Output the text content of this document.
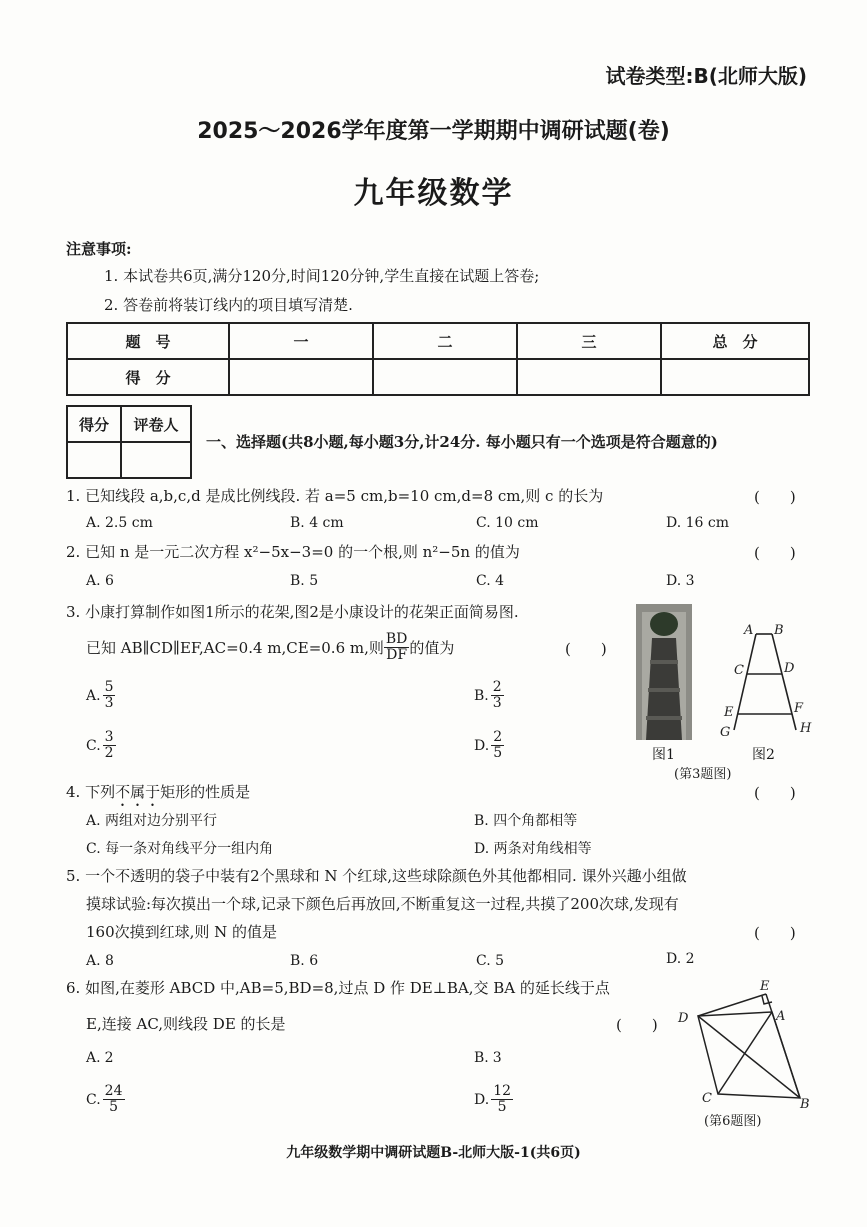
试卷类型:B(北师大版)
2025～2026学年度第一学期期中调研试题(卷)
九年级数学
注意事项:
1. 本试卷共6页,满分120分,时间120分钟,学生直接在试题上答卷;
2. 答卷前将装订线内的项目填写清楚.
题　号	一	二	三	总　分
得　分				
得分	评卷人

一、选择题(共8小题,每小题3分,计24分. 每小题只有一个选项是符合题意的)
1. 已知线段 a,b,c,d 是成比例线段. 若 a=5 cm,b=10 cm,d=8 cm,则 c 的长为	(　　)
A. 2.5 cm	B. 4 cm	C. 10 cm	D. 16 cm
2. 已知 n 是一元二次方程 x²−5x−3=0 的一个根,则 n²−5n 的值为	(　　)
A. 6	B. 5	C. 4	D. 3
3. 小康打算制作如图1所示的花架,图2是小康设计的花架正面简易图.
已知 AB∥CD∥EF,AC=0.4 m,CE=0.6 m,则 $\frac{BD}{DF}$ 的值为	(　　)
A. $\frac{5}{3}$	B. $\frac{2}{3}$
C. $\frac{3}{2}$	D. $\frac{2}{5}$	图1
A B
C	D
E	F
G	H
图2
(第3题图)
4. 下列不属于矩形的性质是	(　　)
A. 两组对边分别平行	B. 四个角都相等
C. 每一条对角线平分一组内角	D. 两条对角线相等
5. 一个不透明的袋子中装有2个黑球和 N 个红球,这些球除颜色外其他都相同. 课外兴趣小组做
摸球试验:每次摸出一个球,记录下颜色后再放回,不断重复这一过程,共摸了200次球,发现有
160次摸到红球,则 N 的值是	(　　)
A. 8	B. 6	C. 5	D. 2
6. 如图,在菱形 ABCD 中,AB=5,BD=8,过点 D 作 DE⊥BA,交 BA 的延长线于点
E,连接 AC,则线段 DE 的长是	(　　)
A. 2	B. 3
C. $\frac{24}{5}$	D. $\frac{12}{5}$
E
D	A
C	B
(第6题图)
九年级数学期中调研试题B-北师大版-1(共6页)
